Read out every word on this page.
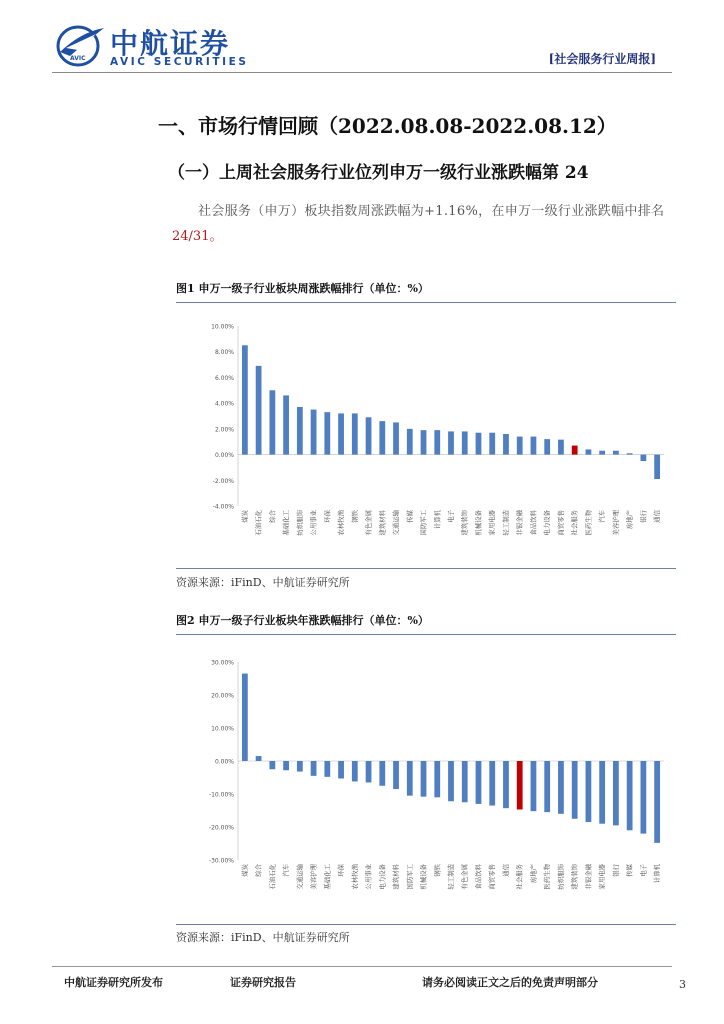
AVIC 中航证券
AVIC SECURITIES	[社会服务行业周报]
一、市场行情回顾（2022.08.08-2022.08.12）
（一）上周社会服务行业位列申万一级行业涨跌幅第 24
社会服务（申万）板块指数周涨跌幅为+1.16%，在申万一级行业涨跌幅中排名
24/31。
图1 申万一级子行业板块周涨跌幅排行（单位：%）
-4.00%
-2.00%
0.00%
2.00%
4.00%
6.00%
8.00%
10.00%
煤炭 石油石化 综合 基础化工 纺织服饰 公用事业 环保 农林牧渔 钢铁 有色金属 建筑材料 交通运输 传媒 国防军工 计算机 电子 建筑装饰 机械设备 家用电器 轻工制造 非银金融 食品饮料 电力设备 商贸零售 社会服务 医药生物 汽车 美容护理 房地产 银行 通信
资源来源：iFinD、中航证券研究所
图2 申万一级子行业板块年涨跌幅排行（单位：%）
-30.00%
-20.00%
-10.00%
0.00%
10.00%
20.00%
30.00%
煤炭 综合 石油石化 汽车 交通运输 美容护理 基础化工 环保 农林牧渔 公用事业 电力设备 建筑材料 国防军工 机械设备 钢铁 轻工制造 有色金属 食品饮料 商贸零售 通信 社会服务 房地产 医药生物 纺织服饰 建筑装饰 非银金融 家用电器 银行 传媒 电子 计算机
资源来源：iFinD、中航证券研究所
中航证券研究所发布	证券研究报告	请务必阅读正文之后的免责声明部分	3
